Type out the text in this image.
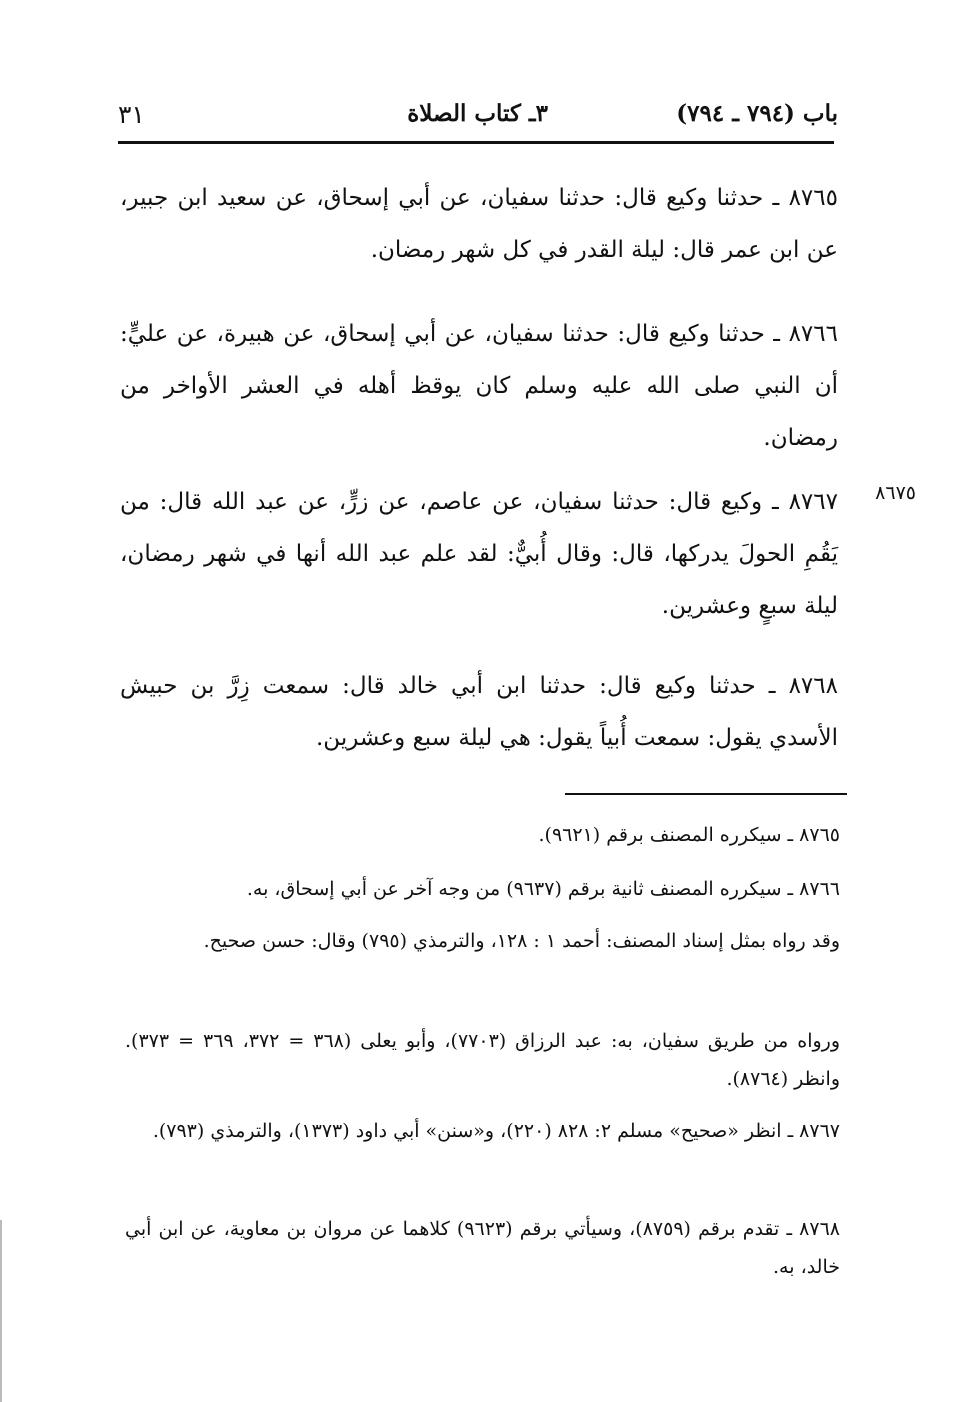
باب (٧٩٤ ـ ٧٩٤)
٣ـ كتاب الصلاة
٣١
٨٧٦٥ ـ حدثنا وكيع قال: حدثنا سفيان، عن أبي إسحاق، عن سعيد ابن جبير، عن ابن عمر قال: ليلة القدر في كل شهر رمضان.
٨٧٦٦ ـ حدثنا وكيع قال: حدثنا سفيان، عن أبي إسحاق، عن هبيرة، عن عليٍّ: أن النبي صلى الله عليه وسلم كان يوقظ أهله في العشر الأواخر من رمضان.
٨٦٧٥
٨٧٦٧ ـ وكيع قال: حدثنا سفيان، عن عاصم، عن زرٍّ، عن عبد الله قال: من يَقُمِ الحولَ يدركها، قال: وقال أُبيٌّ: لقد علم عبد الله أنها في شهر رمضان، ليلة سبعٍ وعشرين.
٨٧٦٨ ـ حدثنا وكيع قال: حدثنا ابن أبي خالد قال: سمعت زِرَّ بن حبيش الأسدي يقول: سمعت أُبياً يقول: هي ليلة سبع وعشرين.
٨٧٦٥ ـ سيكرره المصنف برقم (٩٦٢١).
٨٧٦٦ ـ سيكرره المصنف ثانية برقم (٩٦٣٧) من وجه آخر عن أبي إسحاق، به.
وقد رواه بمثل إسناد المصنف: أحمد ١ : ١٢٨، والترمذي (٧٩٥) وقال: حسن صحيح.
ورواه من طريق سفيان، به: عبد الرزاق (٧٧٠٣)، وأبو يعلى (٣٦٨ = ٣٧٢، ٣٦٩ = ٣٧٣). وانظر (٨٧٦٤).
٨٧٦٧ ـ انظر «صحيح» مسلم ٢: ٨٢٨ (٢٢٠)، و«سنن» أبي داود (١٣٧٣)، والترمذي (٧٩٣).
٨٧٦٨ ـ تقدم برقم (٨٧٥٩)، وسيأتي برقم (٩٦٢٣) كلاهما عن مروان بن معاوية، عن ابن أبي خالد، به.
